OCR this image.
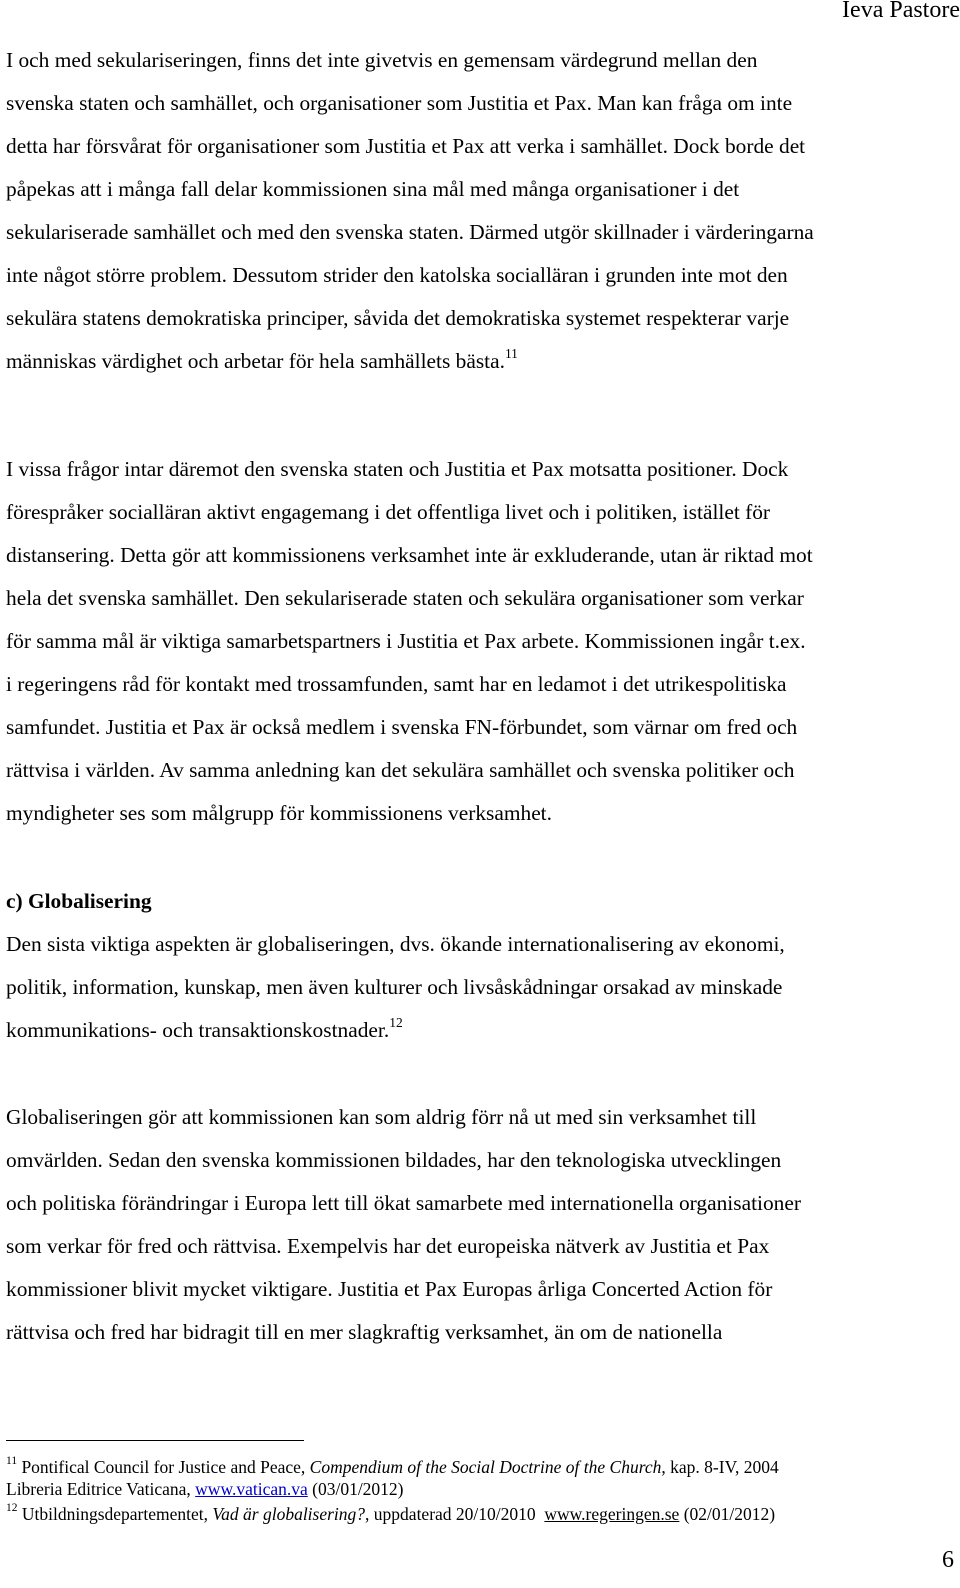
Ieva Pastore
I och med sekulariseringen, finns det inte givetvis en gemensam värdegrund mellan den
svenska staten och samhället, och organisationer som Justitia et Pax. Man kan fråga om inte
detta har försvårat för organisationer som Justitia et Pax att verka i samhället. Dock borde det
påpekas att i många fall delar kommissionen sina mål med många organisationer i det
sekulariserade samhället och med den svenska staten. Därmed utgör skillnader i värderingarna
inte något större problem. Dessutom strider den katolska socialläran i grunden inte mot den
sekulära statens demokratiska principer, såvida det demokratiska systemet respekterar varje
människas värdighet och arbetar för hela samhällets bästa.$^{11}$
I vissa frågor intar däremot den svenska staten och Justitia et Pax motsatta positioner. Dock
förespråker socialläran aktivt engagemang i det offentliga livet och i politiken, istället för
distansering. Detta gör att kommissionens verksamhet inte är exkluderande, utan är riktad mot
hela det svenska samhället. Den sekulariserade staten och sekulära organisationer som verkar
för samma mål är viktiga samarbetspartners i Justitia et Pax arbete. Kommissionen ingår t.ex.
i regeringens råd för kontakt med trossamfunden, samt har en ledamot i det utrikespolitiska
samfundet. Justitia et Pax är också medlem i svenska FN-förbundet, som värnar om fred och
rättvisa i världen. Av samma anledning kan det sekulära samhället och svenska politiker och
myndigheter ses som målgrupp för kommissionens verksamhet.
c) Globalisering
Den sista viktiga aspekten är globaliseringen, dvs. ökande internationalisering av ekonomi,
politik, information, kunskap, men även kulturer och livsåskådningar orsakad av minskade
kommunikations- och transaktionskostnader.$^{12}$
Globaliseringen gör att kommissionen kan som aldrig förr nå ut med sin verksamhet till
omvärlden. Sedan den svenska kommissionen bildades, har den teknologiska utvecklingen
och politiska förändringar i Europa lett till ökat samarbete med internationella organisationer
som verkar för fred och rättvisa. Exempelvis har det europeiska nätverk av Justitia et Pax
kommissioner blivit mycket viktigare. Justitia et Pax Europas årliga Concerted Action för
rättvisa och fred har bidragit till en mer slagkraftig verksamhet, än om de nationella
$^{11}$ Pontifical Council for Justice and Peace, Compendium of the Social Doctrine of the Church, kap. 8-IV, 2004
Libreria Editrice Vaticana, www.vatican.va (03/01/2012)
$^{12}$ Utbildningsdepartementet, Vad är globalisering?, uppdaterad 20/10/2010  www.regeringen.se (02/01/2012)
6
